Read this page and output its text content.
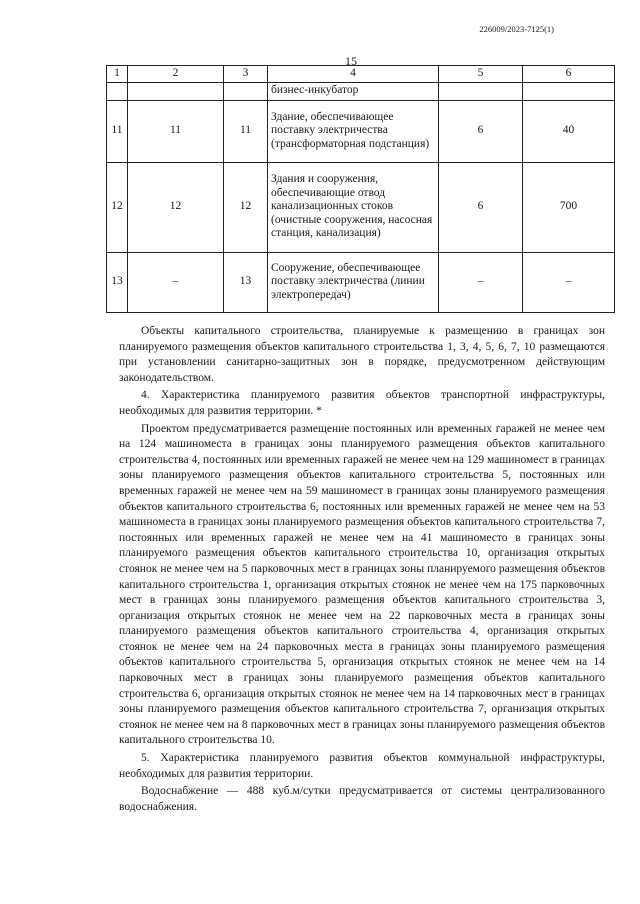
226009/2023-7125(1)
15
1	2	3	4	5	6
			бизнес-инкубатор		
11	11	11	Здание, обеспечивающее поставку электричества (трансформаторная подстанция)	6	40
12	12	12	Здания и сооружения, обеспечивающие отвод канализационных стоков (очистные сооружения, насосная станция, канализация)	6	700
13	–	13	Сооружение, обеспечивающее поставку электричества (линии электропередач)	–	–

Объекты капитального строительства, планируемые к размещению в границах зон планируемого размещения объектов капитального строительства 1, 3, 4, 5, 6, 7, 10 размещаются при установлении санитарно-защитных зон в порядке, предусмотренном действующим законодательством.

4. Характеристика планируемого развития объектов транспортной инфраструктуры, необходимых для развития территории. *

Проектом предусматривается размещение постоянных или временных гаражей не менее чем на 124 машиноместа в границах зоны планируемого размещения объектов капитального строительства 4, постоянных или временных гаражей не менее чем на 129 машиномест в границах зоны планируемого размещения объектов капитального строительства 5, постоянных или временных гаражей не менее чем на 59 машиномест в границах зоны планируемого размещения объектов капитального строительства 6, постоянных или временных гаражей не менее чем на 53 машиноместа в границах зоны планируемого размещения объектов капитального строительства 7, постоянных или временных гаражей не менее чем на 41 машиноместо в границах зоны планируемого размещения объектов капитального строительства 10, организация открытых стоянок не менее чем на 5 парковочных мест в границах зоны планируемого размещения объектов капитального строительства 1, организация открытых стоянок не менее чем на 175 парковочных мест в границах зоны планируемого размещения объектов капитального строительства 3, организация открытых стоянок не менее чем на 22 парковочных места в границах зоны планируемого размещения объектов капитального строительства 4, организация открытых стоянок не менее чем на 24 парковочных места в границах зоны планируемого размещения объектов капитального строительства 5, организация открытых стоянок не менее чем на 14 парковочных мест в границах зоны планируемого размещения объектов капитального строительства 6, организация открытых стоянок не менее чем на 14 парковочных мест в границах зоны планируемого размещения объектов капитального строительства 7, организация открытых стоянок не менее чем на 8 парковочных мест в границах зоны планируемого размещения объектов капитального строительства 10.

5. Характеристика планируемого развития объектов коммунальной инфраструктуры, необходимых для развития территории.

Водоснабжение — 488 куб.м/сутки предусматривается от системы централизованного водоснабжения.
